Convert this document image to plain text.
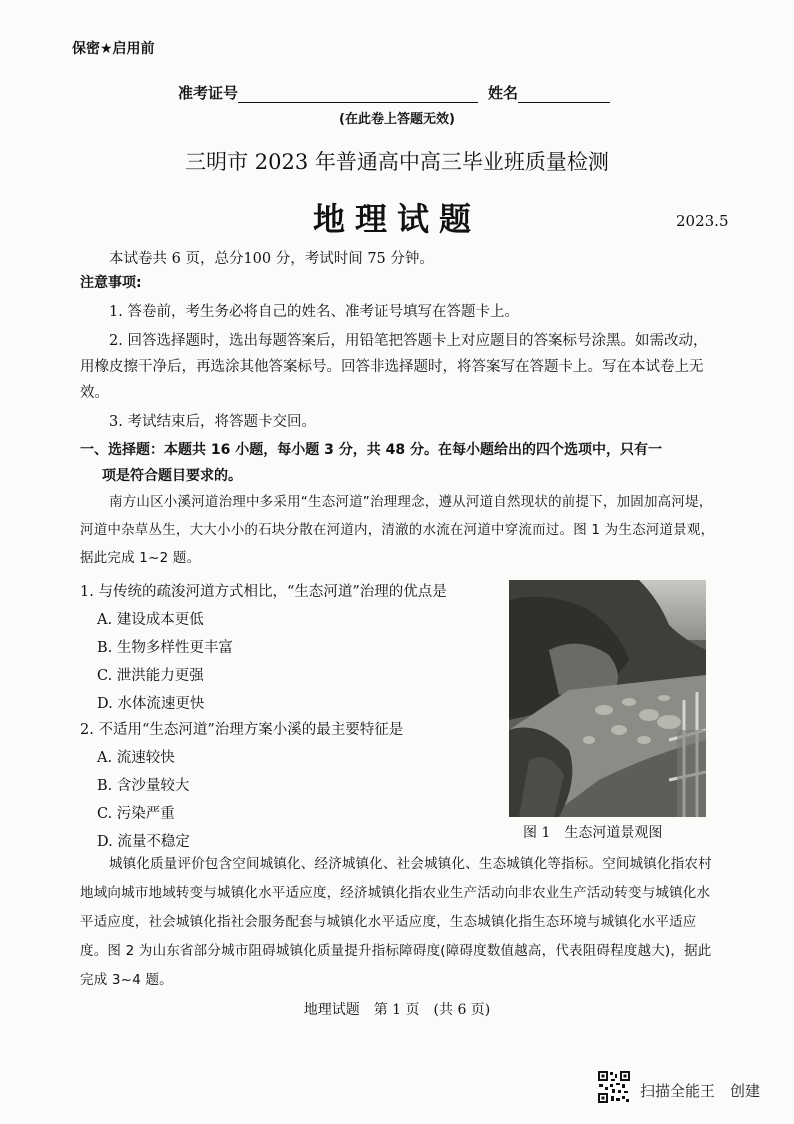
保密★启用前
准考证号	姓名
(在此卷上答题无效)
三明市 2023 年普通高中高三毕业班质量检测
地理试题	2023.5
本试卷共 6 页，总分100 分，考试时间 75 分钟。
注意事项:
1. 答卷前，考生务必将自己的姓名、准考证号填写在答题卡上。
2. 回答选择题时，选出每题答案后，用铅笔把答题卡上对应题目的答案标号涂黑。如需改动，用橡皮擦干净后，再选涂其他答案标号。回答非选择题时，将答案写在答题卡上。写在本试卷上无效。
3. 考试结束后，将答题卡交回。
一、选择题：本题共 16 小题，每小题 3 分，共 48 分。在每小题给出的四个选项中，只有一
项是符合题目要求的。
南方山区小溪河道治理中多采用“生态河道”治理理念，遵从河道自然现状的前提下，加固加高河堤，河道中杂草丛生，大大小小的石块分散在河道内，清澈的水流在河道中穿流而过。图 1 为生态河道景观，据此完成 1~2 题。
1. 与传统的疏浚河道方式相比，“生态河道”治理的优点是
A. 建设成本更低
B. 生物多样性更丰富
C. 泄洪能力更强
D. 水体流速更快
2. 不适用“生态河道”治理方案小溪的最主要特征是
A. 流速较快
B. 含沙量较大
C. 污染严重
D. 流量不稳定
图 1　生态河道景观图
城镇化质量评价包含空间城镇化、经济城镇化、社会城镇化、生态城镇化等指标。空间城镇化指农村地域向城市地域转变与城镇化水平适应度，经济城镇化指农业生产活动向非农业生产活动转变与城镇化水平适应度，社会城镇化指社会服务配套与城镇化水平适应度，生态城镇化指生态环境与城镇化水平适应度。图 2 为山东省部分城市阻碍城镇化质量提升指标障碍度(障碍度数值越高，代表阻碍程度越大)，据此完成 3~4 题。
地理试题　第 1 页　(共 6 页)
扫描全能王　创建
